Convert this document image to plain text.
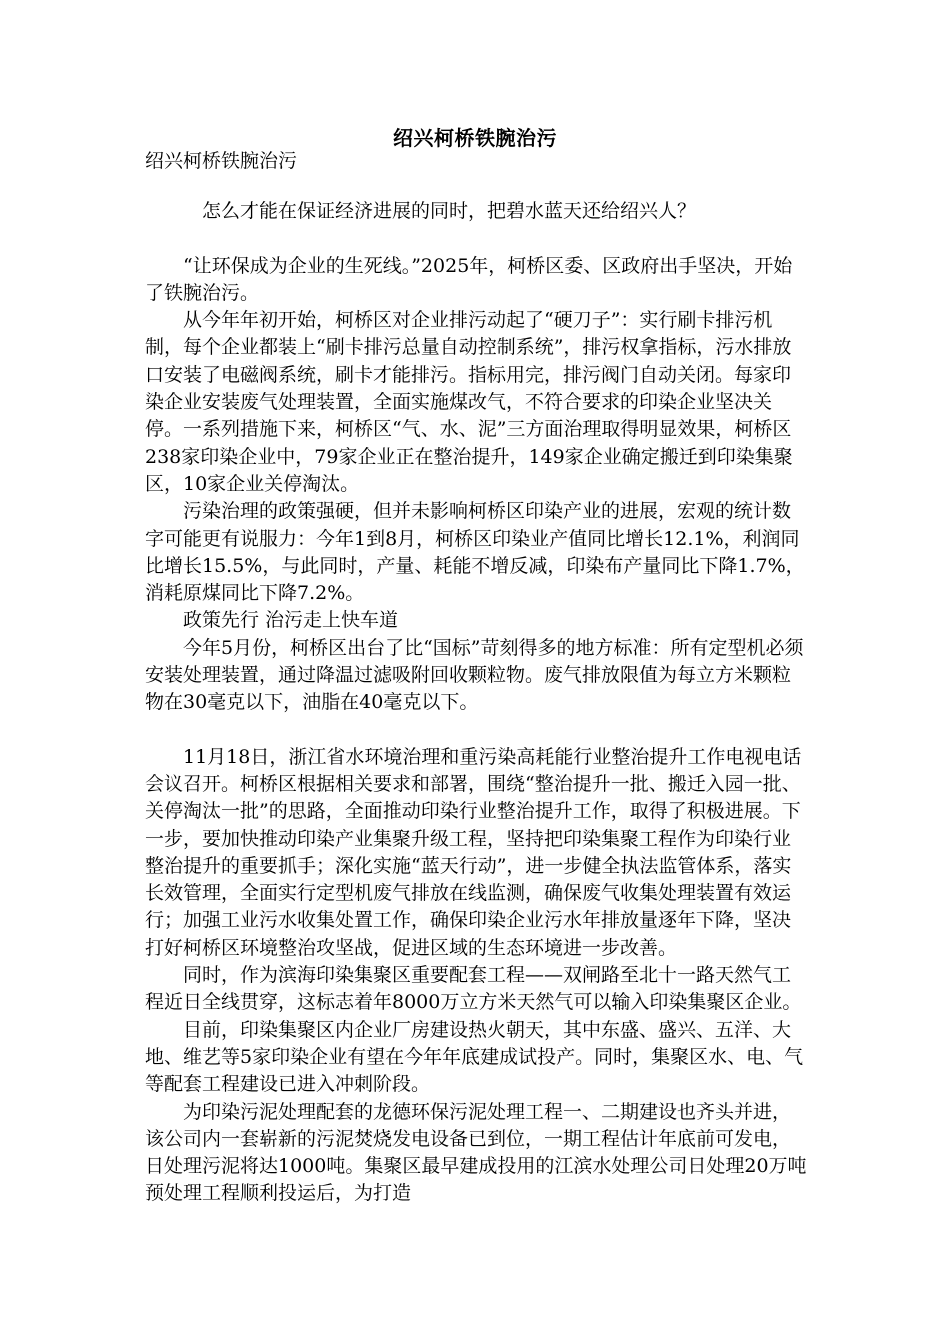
绍兴柯桥铁腕治污

绍兴柯桥铁腕治污

怎么才能在保证经济进展的同时，把碧水蓝天还给绍兴人？

“让环保成为企业的生死线。”2025年，柯桥区委、区政府出手坚决，开始了铁腕治污。

从今年年初开始，柯桥区对企业排污动起了“硬刀子”：实行刷卡排污机制，每个企业都装上“刷卡排污总量自动控制系统”，排污权拿指标，污水排放口安装了电磁阀系统，刷卡才能排污。指标用完，排污阀门自动关闭。每家印染企业安装废气处理装置，全面实施煤改气，不符合要求的印染企业坚决关停。一系列措施下来，柯桥区“气、水、泥”三方面治理取得明显效果，柯桥区238家印染企业中，79家企业正在整治提升，149家企业确定搬迁到印染集聚区，10家企业关停淘汰。

污染治理的政策强硬，但并未影响柯桥区印染产业的进展，宏观的统计数字可能更有说服力：今年1到8月，柯桥区印染业产值同比增长12.1%，利润同比增长15.5%，与此同时，产量、耗能不增反减，印染布产量同比下降1.7%，消耗原煤同比下降7.2%。

政策先行 治污走上快车道

今年5月份，柯桥区出台了比“国标”苛刻得多的地方标准：所有定型机必须安装处理装置，通过降温过滤吸附回收颗粒物。废气排放限值为每立方米颗粒物在30毫克以下，油脂在40毫克以下。

11月18日，浙江省水环境治理和重污染高耗能行业整治提升工作电视电话会议召开。柯桥区根据相关要求和部署，围绕“整治提升一批、搬迁入园一批、关停淘汰一批”的思路，全面推动印染行业整治提升工作，取得了积极进展。下一步，要加快推动印染产业集聚升级工程，坚持把印染集聚工程作为印染行业整治提升的重要抓手；深化实施“蓝天行动”，进一步健全执法监管体系，落实长效管理，全面实行定型机废气排放在线监测，确保废气收集处理装置有效运行；加强工业污水收集处置工作，确保印染企业污水年排放量逐年下降，坚决打好柯桥区环境整治攻坚战，促进区域的生态环境进一步改善。

同时，作为滨海印染集聚区重要配套工程——双闸路至北十一路天然气工程近日全线贯穿，这标志着年8000万立方米天然气可以输入印染集聚区企业。

目前，印染集聚区内企业厂房建设热火朝天，其中东盛、盛兴、五洋、大地、维艺等5家印染企业有望在今年年底建成试投产。同时，集聚区水、电、气等配套工程建设已进入冲刺阶段。

为印染污泥处理配套的龙德环保污泥处理工程一、二期建设也齐头并进，该公司内一套崭新的污泥焚烧发电设备已到位，一期工程估计年底前可发电，日处理污泥将达1000吨。集聚区最早建成投用的江滨水处理公司日处理20万吨预处理工程顺利投运后，为打造
